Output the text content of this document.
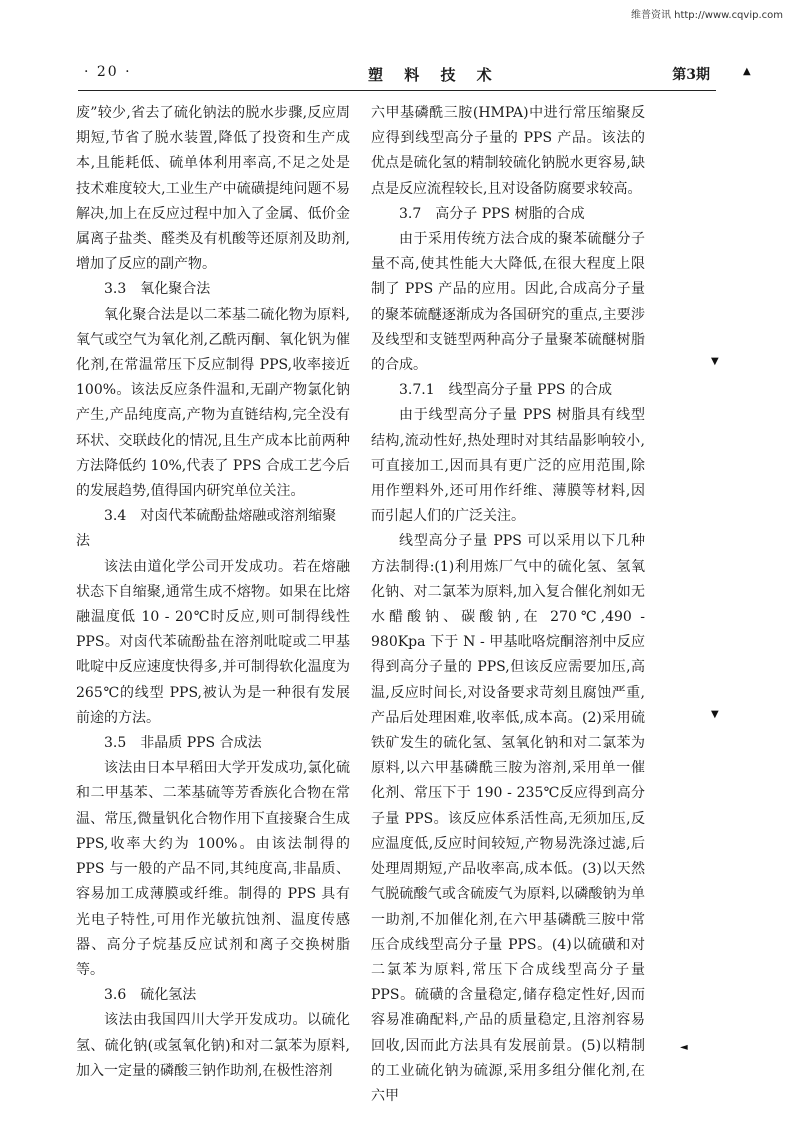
维普资讯 http://www.cqvip.com
· 20 ·	塑 料 技 术	第3期	▲
▼
▼
◄

废”较少,省去了硫化钠法的脱水步骤,反应周期短,节省了脱水装置,降低了投资和生产成本,且能耗低、硫单体利用率高,不足之处是技术难度较大,工业生产中硫磺提纯问题不易解决,加上在反应过程中加入了金属、低价金属离子盐类、醛类及有机酸等还原剂及助剂,增加了反应的副产物。

3.3　氧化聚合法

氧化聚合法是以二苯基二硫化物为原料,氧气或空气为氧化剂,乙酰丙酮、氧化钒为催化剂,在常温常压下反应制得 PPS,收率接近 100%。该法反应条件温和,无副产物氯化钠产生,产品纯度高,产物为直链结构,完全没有环状、交联歧化的情况,且生产成本比前两种方法降低约 10%,代表了 PPS 合成工艺今后的发展趋势,值得国内研究单位关注。

3.4　对卤代苯硫酚盐熔融或溶剂缩聚法

该法由道化学公司开发成功。若在熔融状态下自缩聚,通常生成不熔物。如果在比熔融温度低 10 - 20℃时反应,则可制得线性 PPS。对卤代苯硫酚盐在溶剂吡啶或二甲基吡啶中反应速度快得多,并可制得软化温度为 265℃的线型 PPS,被认为是一种很有发展前途的方法。

3.5　非晶质 PPS 合成法

该法由日本早稻田大学开发成功,氯化硫和二甲基苯、二苯基硫等芳香族化合物在常温、常压,微量钒化合物作用下直接聚合生成 PPS,收率大约为 100%。由该法制得的 PPS 与一般的产品不同,其纯度高,非晶质、容易加工成薄膜或纤维。制得的 PPS 具有光电子特性,可用作光敏抗蚀剂、温度传感器、高分子烷基反应试剂和离子交换树脂等。

3.6　硫化氢法

该法由我国四川大学开发成功。以硫化氢、硫化钠(或氢氧化钠)和对二氯苯为原料,加入一定量的磷酸三钠作助剂,在极性溶剂

六甲基磷酰三胺(HMPA)中进行常压缩聚反应得到线型高分子量的 PPS 产品。该法的优点是硫化氢的精制较硫化钠脱水更容易,缺点是反应流程较长,且对设备防腐要求较高。

3.7　高分子 PPS 树脂的合成

由于采用传统方法合成的聚苯硫醚分子量不高,使其性能大大降低,在很大程度上限制了 PPS 产品的应用。因此,合成高分子量的聚苯硫醚逐渐成为各国研究的重点,主要涉及线型和支链型两种高分子量聚苯硫醚树脂的合成。

3.7.1　线型高分子量 PPS 的合成

由于线型高分子量 PPS 树脂具有线型结构,流动性好,热处理时对其结晶影响较小,可直接加工,因而具有更广泛的应用范围,除用作塑料外,还可用作纤维、薄膜等材料,因而引起人们的广泛关注。

线型高分子量 PPS 可以采用以下几种方法制得:(1)利用炼厂气中的硫化氢、氢氧化钠、对二氯苯为原料,加入复合催化剂如无水醋酸钠、碳酸钠,在 270℃,490 - 980Kpa 下于 N - 甲基吡咯烷酮溶剂中反应得到高分子量的 PPS,但该反应需要加压,高温,反应时间长,对设备要求苛刻且腐蚀严重,产品后处理困难,收率低,成本高。(2)采用硫铁矿发生的硫化氢、氢氧化钠和对二氯苯为原料,以六甲基磷酰三胺为溶剂,采用单一催化剂、常压下于 190 - 235℃反应得到高分子量 PPS。该反应体系活性高,无须加压,反应温度低,反应时间较短,产物易洗涤过滤,后处理周期短,产品收率高,成本低。(3)以天然气脱硫酸气或含硫废气为原料,以磷酸钠为单一助剂,不加催化剂,在六甲基磷酰三胺中常压合成线型高分子量 PPS。(4)以硫磺和对二氯苯为原料,常压下合成线型高分子量 PPS。硫磺的含量稳定,储存稳定性好,因而容易准确配料,产品的质量稳定,且溶剂容易回收,因而此方法具有发展前景。(5)以精制的工业硫化钠为硫源,采用多组分催化剂,在六甲
